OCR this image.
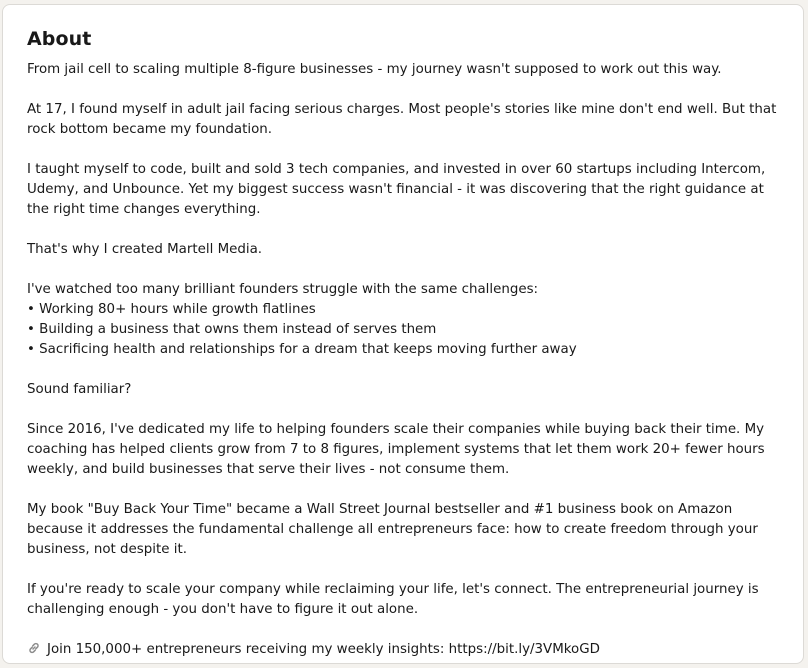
About

From jail cell to scaling multiple 8-figure businesses - my journey wasn't supposed to work out this way.

At 17, I found myself in adult jail facing serious charges. Most people's stories like mine don't end well. But that rock bottom became my foundation.

I taught myself to code, built and sold 3 tech companies, and invested in over 60 startups including Intercom, Udemy, and Unbounce. Yet my biggest success wasn't financial - it was discovering that the right guidance at the right time changes everything.

That's why I created Martell Media.

I've watched too many brilliant founders struggle with the same challenges:
• Working 80+ hours while growth flatlines
• Building a business that owns them instead of serves them
• Sacrificing health and relationships for a dream that keeps moving further away

Sound familiar?

Since 2016, I've dedicated my life to helping founders scale their companies while buying back their time. My coaching has helped clients grow from 7 to 8 figures, implement systems that let them work 20+ fewer hours weekly, and build businesses that serve their lives - not consume them.

My book "Buy Back Your Time" became a Wall Street Journal bestseller and #1 business book on Amazon because it addresses the fundamental challenge all entrepreneurs face: how to create freedom through your business, not despite it.

If you're ready to scale your company while reclaiming your life, let's connect. The entrepreneurial journey is challenging enough - you don't have to figure it out alone.

Join 150,000+ entrepreneurs receiving my weekly insights: https://bit.ly/3VMkoGD
